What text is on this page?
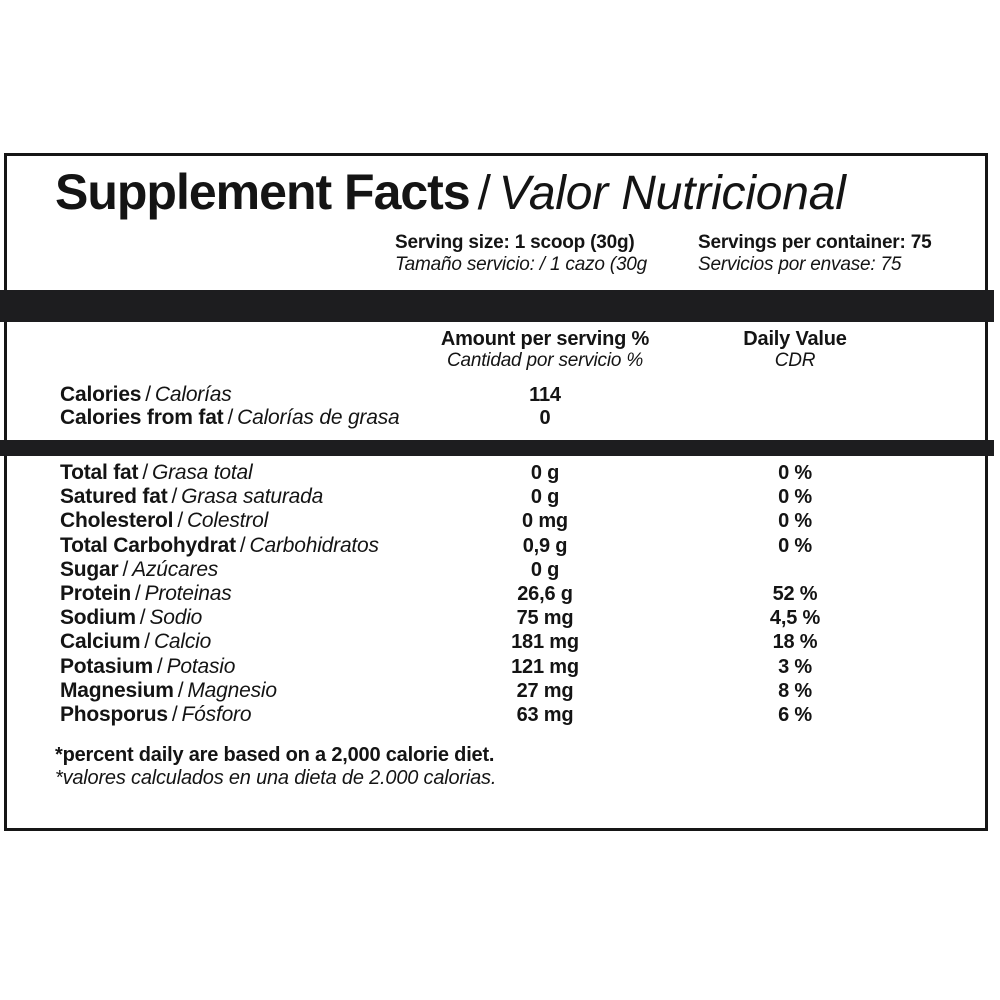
Supplement Facts / Valor Nutricional
Serving size: 1 scoop (30g)
Tamaño servicio: / 1 cazo (30g
Servings per container: 75
Servicios por envase: 75
Amount per serving %
Cantidad por servicio %
Daily Value
CDR
Calories / Calorías	114
Calories from fat / Calorías de grasa	0
Total fat / Grasa total	0 g	0 %
Satured fat / Grasa saturada	0 g	0 %
Cholesterol / Colestrol	0 mg	0 %
Total Carbohydrat / Carbohidratos	0,9 g	0 %
Sugar / Azúcares	0 g
Protein / Proteinas	26,6 g	52 %
Sodium / Sodio	75 mg	4,5 %
Calcium / Calcio	181 mg	18 %
Potasium / Potasio	121 mg	3 %
Magnesium / Magnesio	27 mg	8 %
Phosporus / Fósforo	63 mg	6 %
*percent daily are based on a 2,000 calorie diet.
*valores calculados en una dieta de 2.000 calorias.
